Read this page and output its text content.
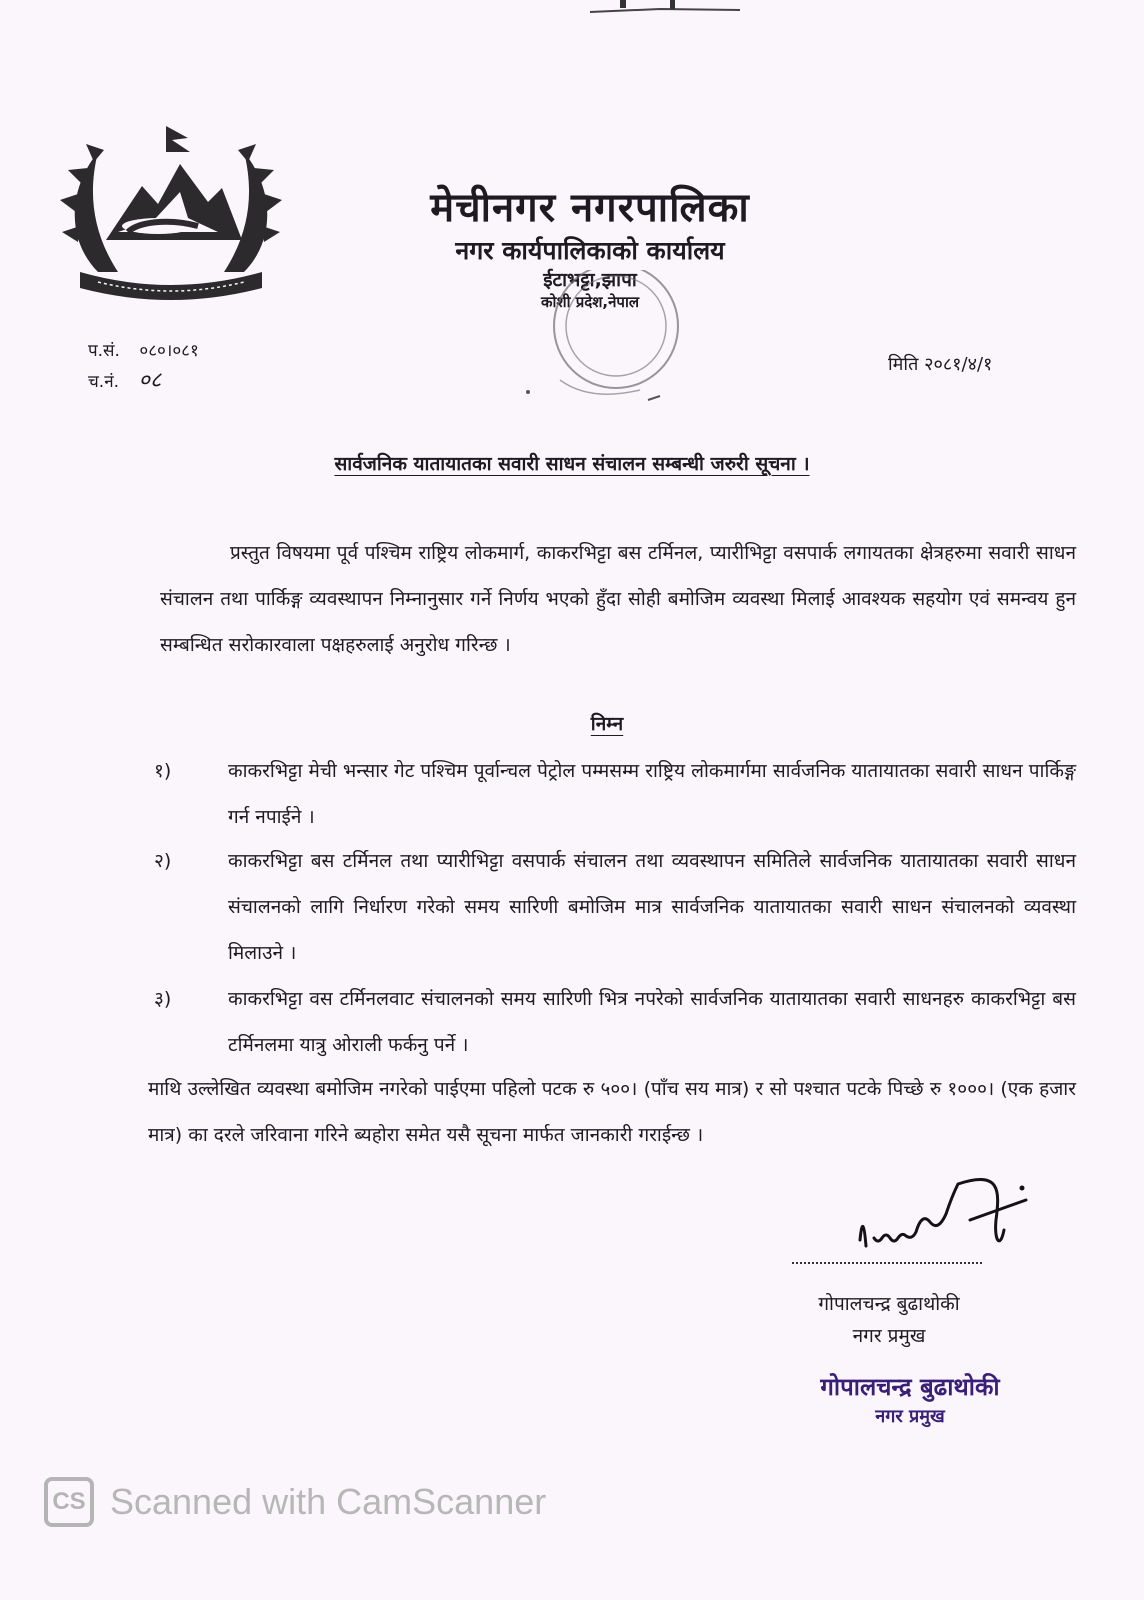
मेचीनगर नगरपालिका
नगर कार्यपालिकाको कार्यालय
ईटाभट्टा,झापा
कोशी प्रदेश,नेपाल
प.सं. ०८०।०८१
च.नं. ०८
मिति २०८१/४/१
सार्वजनिक यातायातका सवारी साधन संचालन सम्बन्धी जरुरी सूचना ।
प्रस्तुत विषयमा पूर्व पश्चिम राष्ट्रिय लोकमार्ग, काकरभिट्टा बस टर्मिनल, प्यारीभिट्टा वसपार्क लगायतका क्षेत्रहरुमा सवारी साधन संचालन तथा पार्किङ्ग व्यवस्थापन निम्नानुसार गर्ने निर्णय भएको हुँदा सोही बमोजिम व्यवस्था मिलाई आवश्यक सहयोग एवं समन्वय हुन सम्बन्धित सरोकारवाला पक्षहरुलाई अनुरोध गरिन्छ ।
निम्न
१)	काकरभिट्टा मेची भन्सार गेट पश्चिम पूर्वान्चल पेट्रोल पम्मसम्म राष्ट्रिय लोकमार्गमा सार्वजनिक यातायातका सवारी साधन पार्किङ्ग गर्न नपाईने ।
२)	काकरभिट्टा बस टर्मिनल तथा प्यारीभिट्टा वसपार्क संचालन तथा व्यवस्थापन समितिले सार्वजनिक यातायातका सवारी साधन संचालनको लागि निर्धारण गरेको समय सारिणी बमोजिम मात्र सार्वजनिक यातायातका सवारी साधन संचालनको व्यवस्था मिलाउने ।
३)	काकरभिट्टा वस टर्मिनलवाट संचालनको समय सारिणी भित्र नपरेको सार्वजनिक यातायातका सवारी साधनहरु काकरभिट्टा बस टर्मिनलमा यात्रु ओराली फर्कनु पर्ने ।
माथि उल्लेखित व्यवस्था बमोजिम नगरेको पाईएमा पहिलो पटक रु ५००। (पाँच सय मात्र) र सो पश्चात पटके पिच्छे रु १०००। (एक हजार मात्र) का दरले जरिवाना गरिने ब्यहोरा समेत यसै सूचना मार्फत जानकारी गराईन्छ ।
गोपालचन्द्र बुढाथोकी
नगर प्रमुख
गोपालचन्द्र बुढाथोकी
नगर प्रमुख
CS Scanned with CamScanner
